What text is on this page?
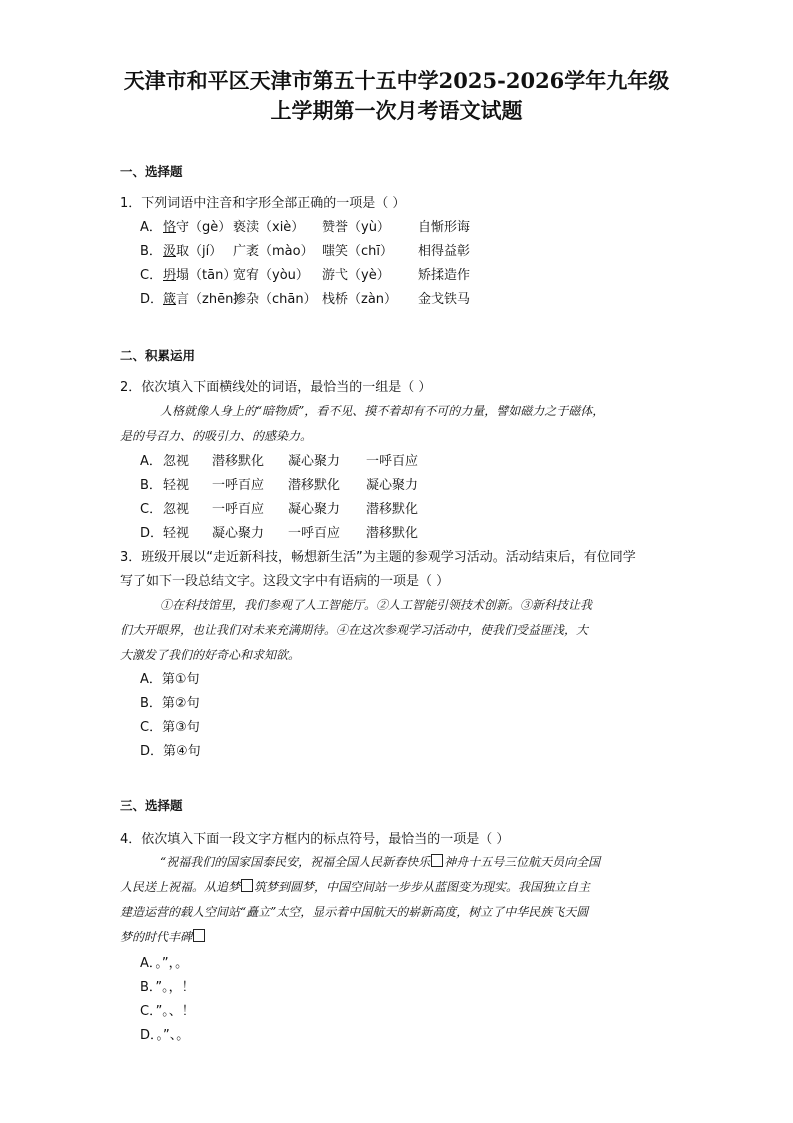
天津市和平区天津市第五十五中学2025-2026学年九年级
上学期第一次月考语文试题
一、选择题
1．下列词语中注音和字形全部正确的一项是（ ）
A． 恪守（gè） 亵渎（xiè） 赞誉（yù） 自惭形诲
B． 汲取（jí） 广袤（mào） 嗤笑（chī） 相得益彰
C． 坍塌（tān）
宽宥（yòu） 游弋（yè） 矫揉造作
D． 箴言（zhēn）
掺杂（chān） 栈桥（zàn） 金戈铁马
二、积累运用
2．依次填入下面横线处的词语，最恰当的一组是（ ）
人格就像人身上的“暗物质”，看不见、摸不着却有不可的力量，譬如磁力之于磁体，
是的号召力、的吸引力、的感染力。
A． 忽视 潜移默化 凝心聚力 一呼百应
B． 轻视 一呼百应 潜移默化 凝心聚力
C． 忽视 一呼百应 凝心聚力 潜移默化
D． 轻视 凝心聚力 一呼百应 潜移默化
3．班级开展以“走近新科技，畅想新生活”为主题的参观学习活动。活动结束后，有位同学
写了如下一段总结文字。这段文字中有语病的一项是（ ）
①在科技馆里，我们参观了人工智能厅。②人工智能引领技术创新。③新科技让我
们大开眼界，也让我们对未来充满期待。④在这次参观学习活动中，使我们受益匪浅，大
大激发了我们的好奇心和求知欲。
A．第①句
B．第②句
C．第③句
D．第④句
三、选择题
4．依次填入下面一段文字方框内的标点符号，最恰当的一项是（ ）
“祝福我们的国家国泰民安，祝福全国人民新春快乐 神舟十五号三位航天员向全国
人民送上祝福。从追梦 筑梦到圆梦，中国空间站一步步从蓝图变为现实。我国独立自主
建造运营的载人空间站“矗立”太空，显示着中国航天的崭新高度，树立了中华民族飞天圆
梦的时代丰碑
A．。”，。
B．”。，！
C．”。、！
D．。”、。
